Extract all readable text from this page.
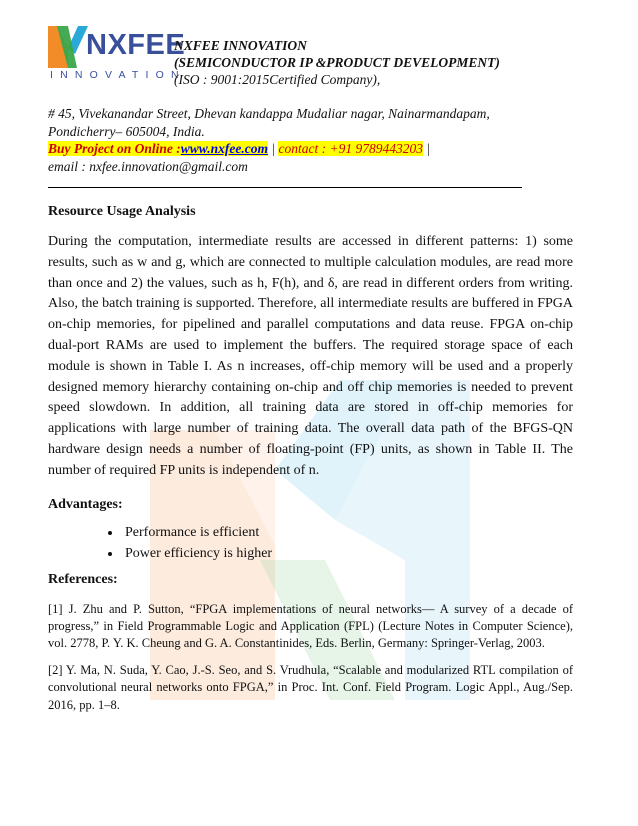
NXFEE
INNOVATION
NXFEE INNOVATION
(SEMICONDUCTOR IP &PRODUCT DEVELOPMENT)
(ISO : 9001:2015Certified Company),
# 45, Vivekanandar Street, Dhevan kandappa Mudaliar nagar, Nainarmandapam,
Pondicherry– 605004, India.
Buy Project on Online :www.nxfee.com | contact : +91 9789443203 |
email : nxfee.innovation@gmail.com
Resource Usage Analysis

During the computation, intermediate results are accessed in different patterns: 1) some results, such as w and g, which are connected to multiple calculation modules, are read more than once and 2) the values, such as h, F(h), and δ, are read in different orders from writing. Also, the batch training is supported. Therefore, all intermediate results are buffered in FPGA on-chip memories, for pipelined and parallel computations and data reuse. FPGA on-chip dual-port RAMs are used to implement the buffers. The required storage space of each module is shown in Table I. As n increases, off-chip memory will be used and a properly designed memory hierarchy containing on-chip and off chip memories is needed to prevent speed slowdown. In addition, all training data are stored in off-chip memories for applications with large number of training data. The overall data path of the BFGS-QN hardware design needs a number of floating-point (FP) units, as shown in Table II. The number of required FP units is independent of n.

Advantages:
• Performance is efficient
• Power efficiency is higher
References:

[1] J. Zhu and P. Sutton, “FPGA implementations of neural networks— A survey of a decade of progress,” in Field Programmable Logic and Application (FPL) (Lecture Notes in Computer Science), vol. 2778, P. Y. K. Cheung and G. A. Constantinides, Eds. Berlin, Germany: Springer-Verlag, 2003.

[2] Y. Ma, N. Suda, Y. Cao, J.-S. Seo, and S. Vrudhula, “Scalable and modularized RTL compilation of convolutional neural networks onto FPGA,” in Proc. Int. Conf. Field Program. Logic Appl., Aug./Sep. 2016, pp. 1–8.
